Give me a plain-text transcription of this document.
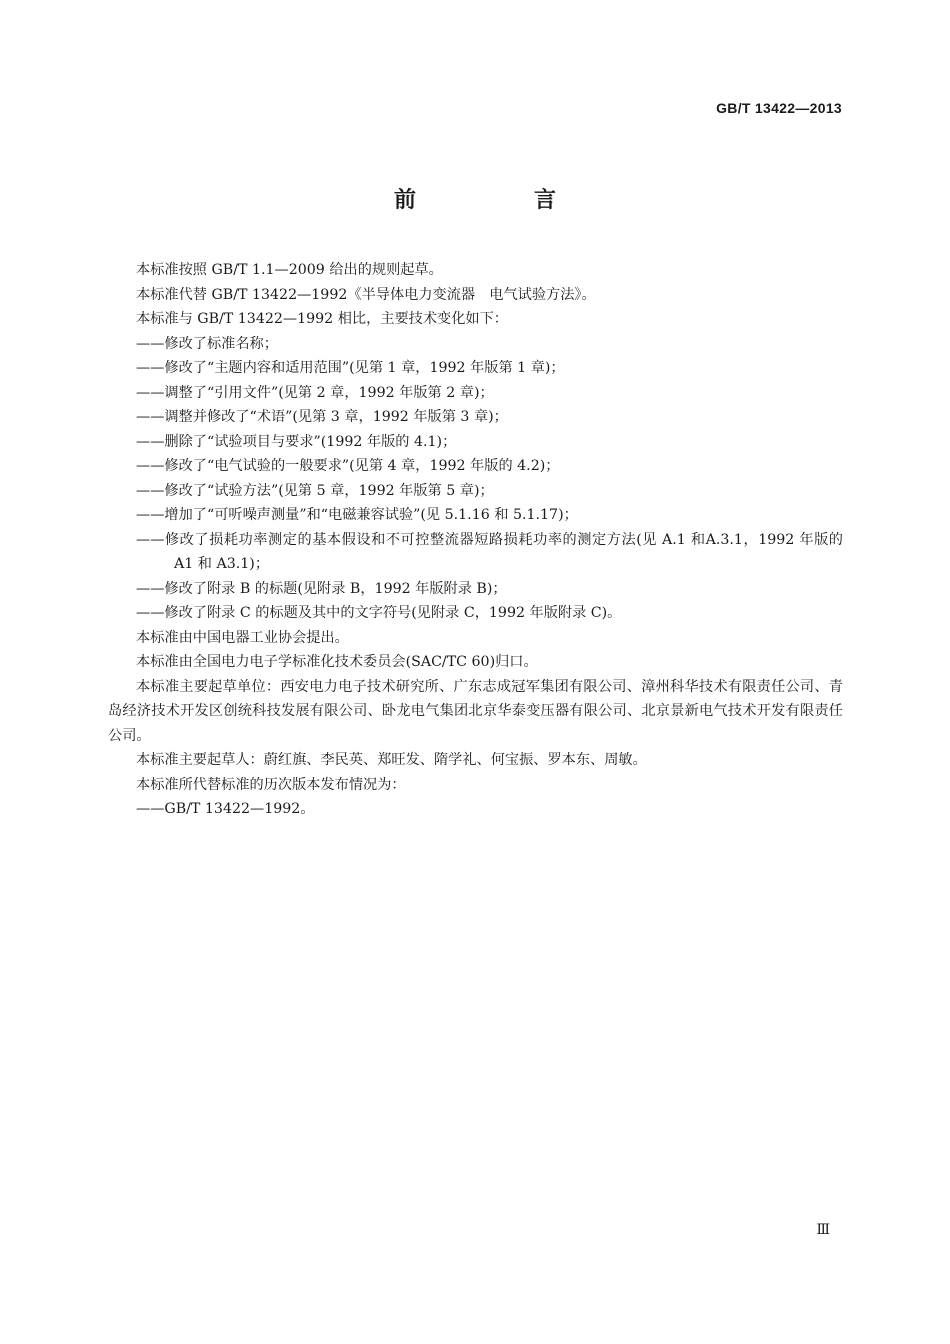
GB/T 13422—2013
前　言

本标准按照 GB/T 1.1—2009 给出的规则起草。

本标准代替 GB/T 13422—1992《半导体电力变流器　电气试验方法》。

本标准与 GB/T 13422—1992 相比，主要技术变化如下：

——修改了标准名称；

——修改了“主题内容和适用范围”(见第 1 章，1992 年版第 1 章)；

——调整了“引用文件”(见第 2 章，1992 年版第 2 章)；

——调整并修改了“术语”(见第 3 章，1992 年版第 3 章)；

——删除了“试验项目与要求”(1992 年版的 4.1)；

——修改了“电气试验的一般要求”(见第 4 章，1992 年版的 4.2)；

——修改了“试验方法”(见第 5 章，1992 年版第 5 章)；

——增加了“可听噪声测量”和“电磁兼容试验”(见 5.1.16 和 5.1.17)；

——修改了损耗功率测定的基本假设和不可控整流器短路损耗功率的测定方法(见 A.1 和A.3.1，1992 年版的 A1 和 A3.1)；

——修改了附录 B 的标题(见附录 B，1992 年版附录 B)；

——修改了附录 C 的标题及其中的文字符号(见附录 C，1992 年版附录 C)。

本标准由中国电器工业协会提出。

本标准由全国电力电子学标准化技术委员会(SAC/TC 60)归口。

本标准主要起草单位：西安电力电子技术研究所、广东志成冠军集团有限公司、漳州科华技术有限责任公司、青岛经济技术开发区创统科技发展有限公司、卧龙电气集团北京华泰变压器有限公司、北京景新电气技术开发有限责任公司。

本标准主要起草人：蔚红旗、李民英、郑旺发、隋学礼、何宝振、罗本东、周敏。

本标准所代替标准的历次版本发布情况为：

——GB/T 13422—1992。

Ⅲ
